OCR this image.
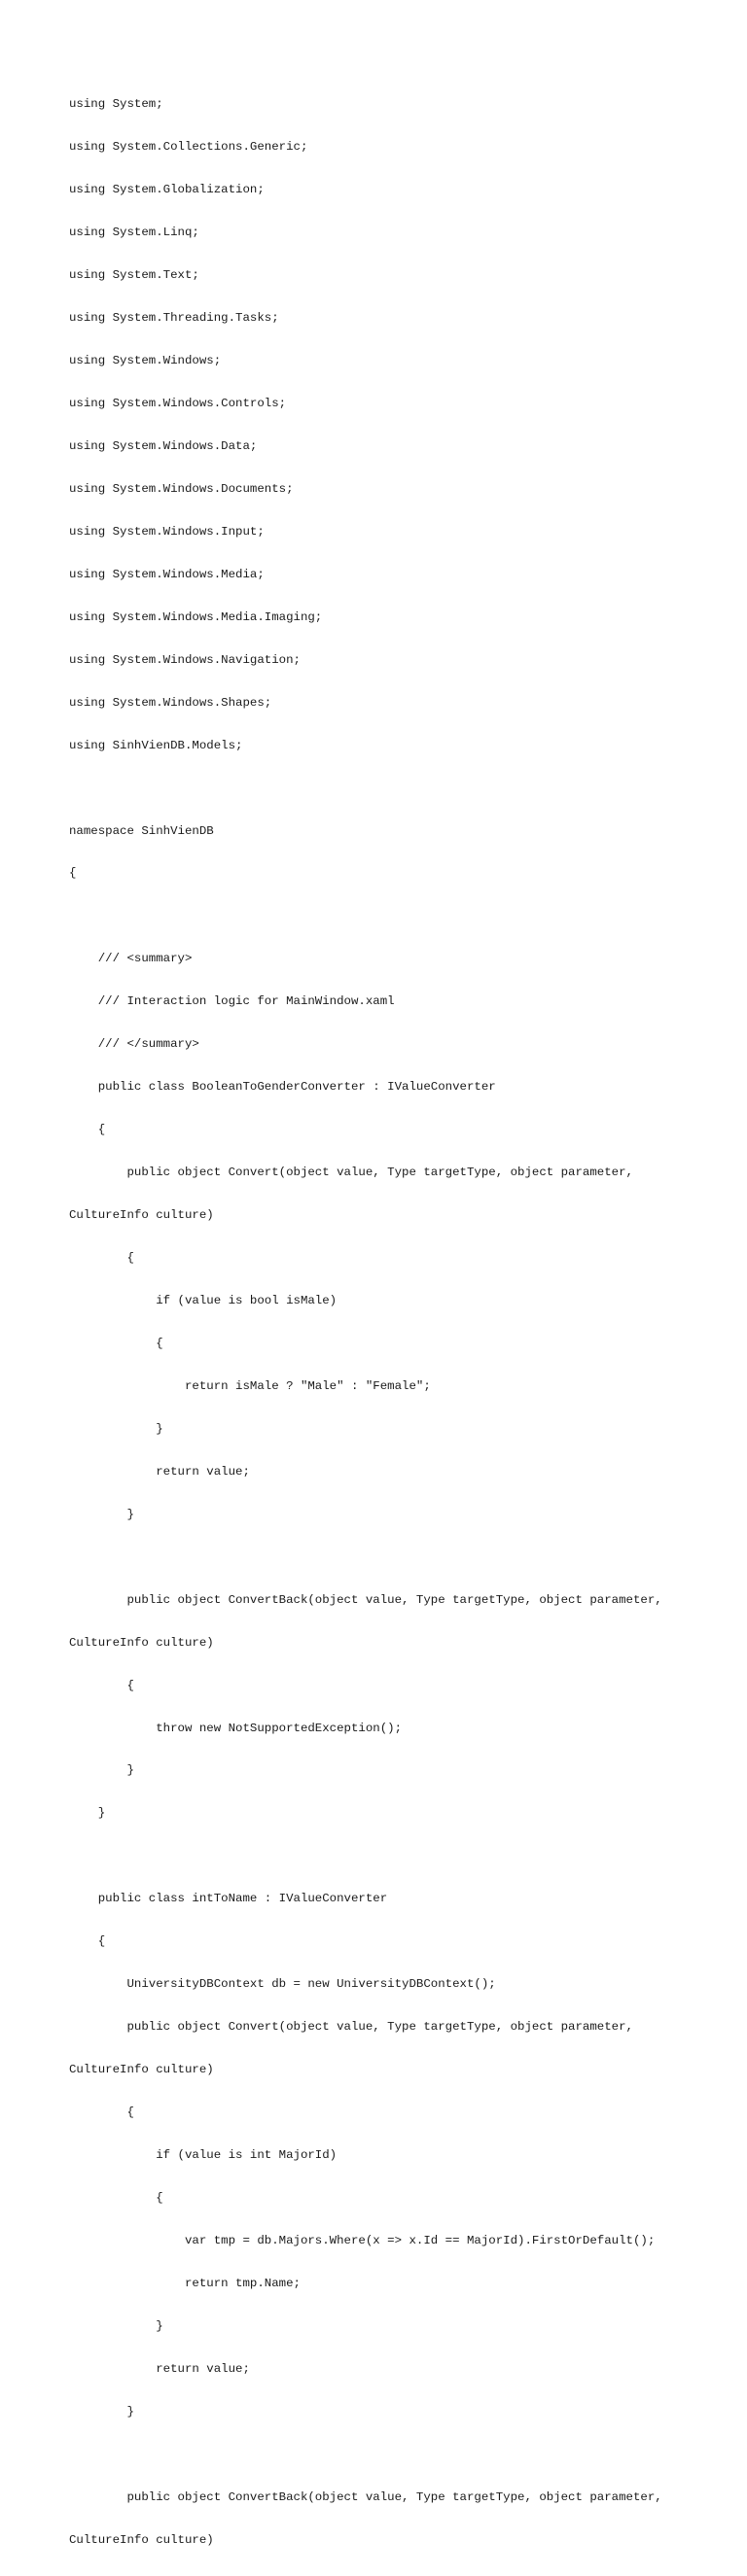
using System;

using System.Collections.Generic;

using System.Globalization;

using System.Linq;

using System.Text;

using System.Threading.Tasks;

using System.Windows;

using System.Windows.Controls;

using System.Windows.Data;

using System.Windows.Documents;

using System.Windows.Input;

using System.Windows.Media;

using System.Windows.Media.Imaging;

using System.Windows.Navigation;

using System.Windows.Shapes;

using SinhVienDB.Models;

namespace SinhVienDB

{

/// <summary>

/// Interaction logic for MainWindow.xaml

/// </summary>

public class BooleanToGenderConverter : IValueConverter

{

public object Convert(object value, Type targetType, object parameter,

CultureInfo culture)

{

if (value is bool isMale)

{

return isMale ? "Male" : "Female";

}

return value;

}

public object ConvertBack(object value, Type targetType, object parameter,

CultureInfo culture)

{

throw new NotSupportedException();

}

}

public class intToName : IValueConverter

{

UniversityDBContext db = new UniversityDBContext();

public object Convert(object value, Type targetType, object parameter,

CultureInfo culture)

{

if (value is int MajorId)

{

var tmp = db.Majors.Where(x => x.Id == MajorId).FirstOrDefault();

return tmp.Name;

}

return value;

}

public object ConvertBack(object value, Type targetType, object parameter,

CultureInfo culture)
